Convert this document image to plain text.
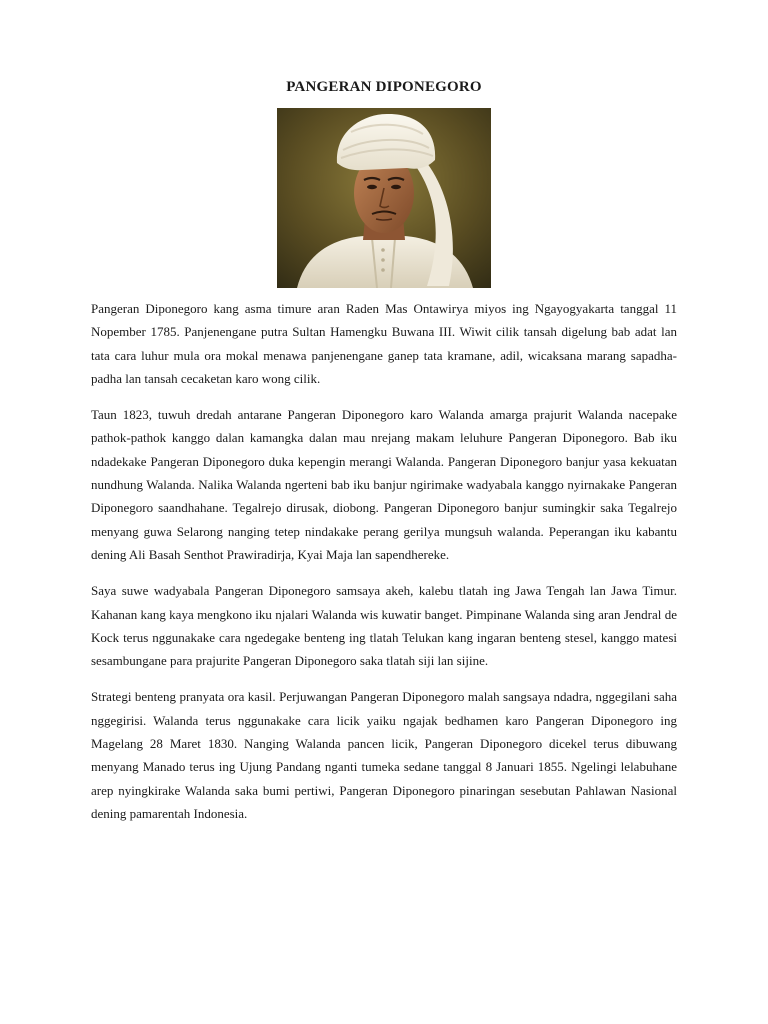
PANGERAN DIPONEGORO

Pangeran Diponegoro kang asma timure aran Raden Mas Ontawirya miyos ing Ngayogyakarta tanggal 11 Nopember 1785. Panjenengane putra Sultan Hamengku Buwana III. Wiwit cilik tansah digelung bab adat lan tata cara luhur mula ora mokal menawa panjenengane ganep tata kramane, adil, wicaksana marang sapadha-padha lan tansah cecaketan karo wong cilik.

Taun 1823, tuwuh dredah antarane Pangeran Diponegoro karo Walanda amarga prajurit Walanda nacepake pathok-pathok kanggo dalan kamangka dalan mau nrejang makam leluhure Pangeran Diponegoro. Bab iku ndadekake Pangeran Diponegoro duka kepengin merangi Walanda. Pangeran Diponegoro banjur yasa kekuatan nundhung Walanda. Nalika Walanda ngerteni bab iku banjur ngirimake wadyabala kanggo nyirnakake Pangeran Diponegoro saandhahane. Tegalrejo dirusak, diobong. Pangeran Diponegoro banjur sumingkir saka Tegalrejo menyang guwa Selarong nanging tetep nindakake perang gerilya mungsuh walanda. Peperangan iku kabantu dening Ali Basah Senthot Prawiradirja, Kyai Maja lan sapendhereke.

Saya suwe wadyabala Pangeran Diponegoro samsaya akeh, kalebu tlatah ing Jawa Tengah lan Jawa Timur. Kahanan kang kaya mengkono iku njalari Walanda wis kuwatir banget. Pimpinane Walanda sing aran Jendral de Kock terus nggunakake cara ngedegake benteng ing tlatah Telukan kang ingaran benteng stesel, kanggo matesi sesambungane para prajurite Pangeran Diponegoro saka tlatah siji lan sijine.

Strategi benteng pranyata ora kasil. Perjuwangan Pangeran Diponegoro malah sangsaya ndadra, nggegilani saha nggegirisi. Walanda terus nggunakake cara licik yaiku ngajak bedhamen karo Pangeran Diponegoro ing Magelang 28 Maret 1830. Nanging Walanda pancen licik, Pangeran Diponegoro dicekel terus dibuwang menyang Manado terus ing Ujung Pandang nganti tumeka sedane tanggal 8 Januari 1855. Ngelingi lelabuhane arep nyingkirake Walanda saka bumi pertiwi, Pangeran Diponegoro pinaringan sesebutan Pahlawan Nasional dening pamarentah Indonesia.
